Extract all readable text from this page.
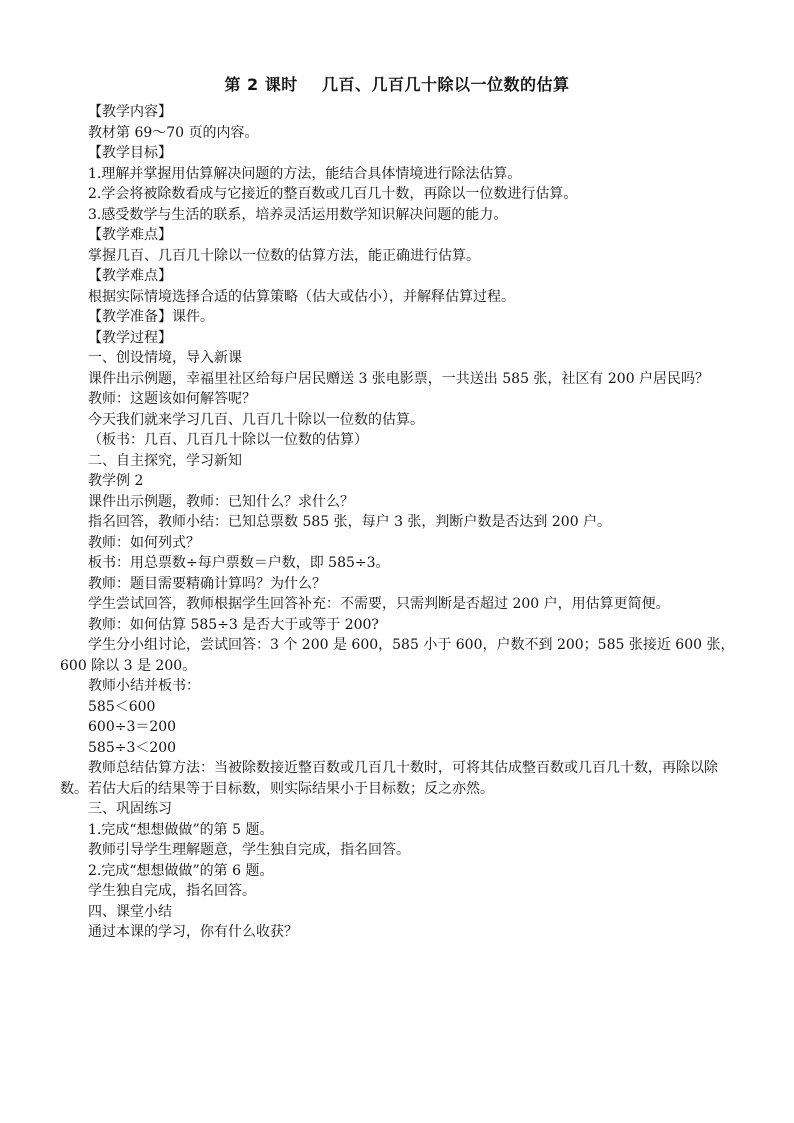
第 2 课时    几百、几百几十除以一位数的估算

【教学内容】

教材第 69～70 页的内容。

【教学目标】

1.理解并掌握用估算解决问题的方法，能结合具体情境进行除法估算。

2.学会将被除数看成与它接近的整百数或几百几十数，再除以一位数进行估算。

3.感受数学与生活的联系，培养灵活运用数学知识解决问题的能力。

【教学难点】

掌握几百、几百几十除以一位数的估算方法，能正确进行估算。

【教学难点】

根据实际情境选择合适的估算策略（估大或估小），并解释估算过程。

【教学准备】课件。

【教学过程】

一、创设情境，导入新课

课件出示例题，幸福里社区给每户居民赠送 3 张电影票，一共送出 585 张，社区有 200 户居民吗？

教师：这题该如何解答呢？

今天我们就来学习几百、几百几十除以一位数的估算。

（板书：几百、几百几十除以一位数的估算）

二、自主探究，学习新知

教学例 2

课件出示例题，教师：已知什么？求什么？

指名回答，教师小结：已知总票数 585 张，每户 3 张，判断户数是否达到 200 户。

教师：如何列式？

板书：用总票数÷每户票数＝户数，即 585÷3。

教师：题目需要精确计算吗？为什么？

学生尝试回答，教师根据学生回答补充：不需要，只需判断是否超过 200 户，用估算更简便。

教师：如何估算 585÷3 是否大于或等于 200?

学生分小组讨论，尝试回答：3 个 200 是 600，585 小于 600，户数不到 200；585 张接近 600 张，600 除以 3 是 200。

教师小结并板书：

585＜600

600÷3＝200

585÷3＜200

教师总结估算方法：当被除数接近整百数或几百几十数时，可将其估成整百数或几百几十数，再除以除数。若估大后的结果等于目标数，则实际结果小于目标数；反之亦然。

三、巩固练习

1.完成“想想做做”的第 5 题。

教师引导学生理解题意，学生独自完成，指名回答。

2.完成“想想做做”的第 6 题。

学生独自完成，指名回答。

四、课堂小结

通过本课的学习，你有什么收获？
